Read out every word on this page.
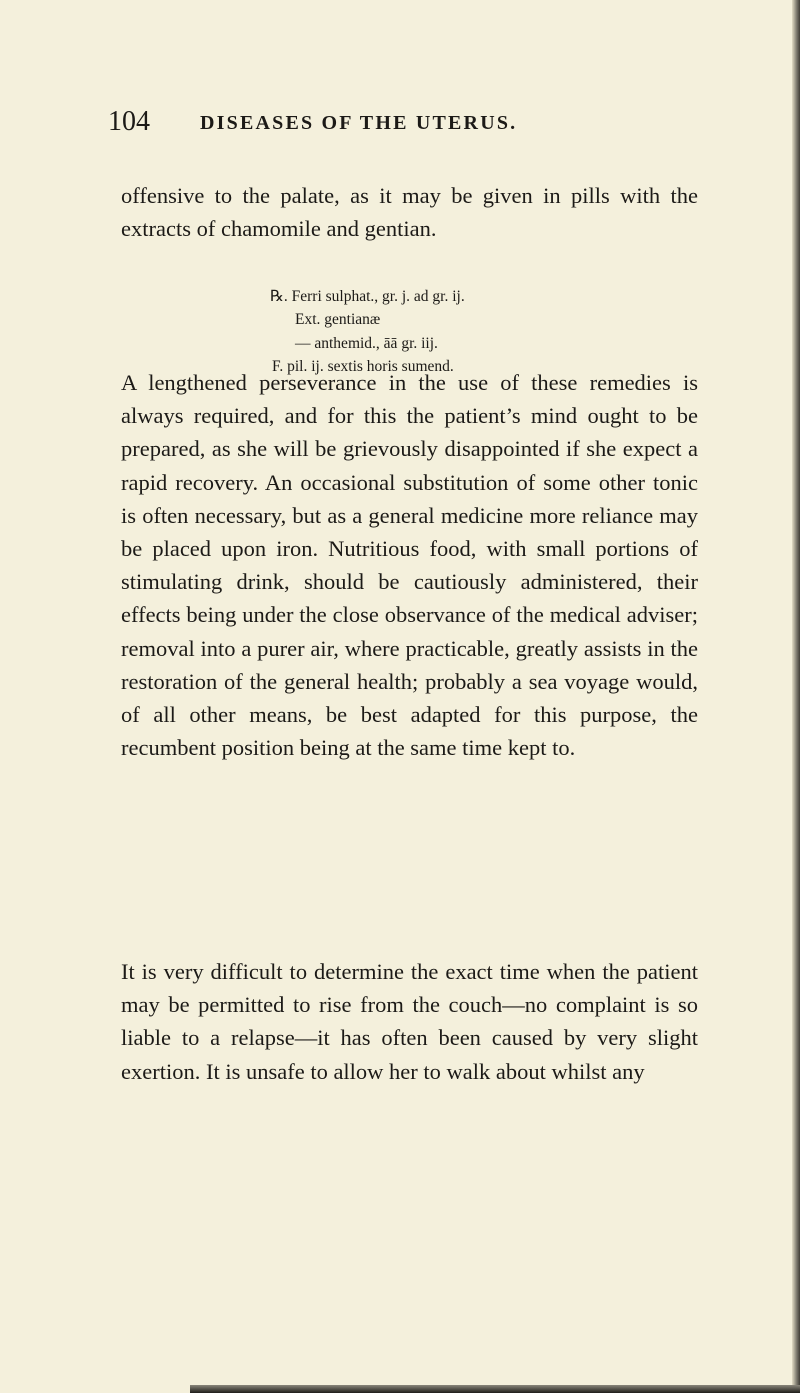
104	DISEASES OF THE UTERUS.

offensive to the palate, as it may be given in pills with the extracts of chamomile and gentian.

℞. Ferri sulphat., gr. j. ad gr. ij.
Ext. gentianæ
— anthemid., āā gr. iij.
F. pil. ij. sextis horis sumend.

A lengthened perseverance in the use of these remedies is always required, and for this the patient’s mind ought to be prepared, as she will be grievously disappointed if she expect a rapid recovery. An occasional substitution of some other tonic is often necessary, but as a general medicine more reliance may be placed upon iron. Nutritious food, with small portions of stimulating drink, should be cautiously administered, their effects being under the close observance of the medical adviser; removal into a purer air, where practicable, greatly assists in the restoration of the general health; probably a sea voyage would, of all other means, be best adapted for this purpose, the recumbent position being at the same time kept to.

It is very difficult to determine the exact time when the patient may be permitted to rise from the couch—no complaint is so liable to a relapse—it has often been caused by very slight exertion. It is unsafe to allow her to walk about whilst any
